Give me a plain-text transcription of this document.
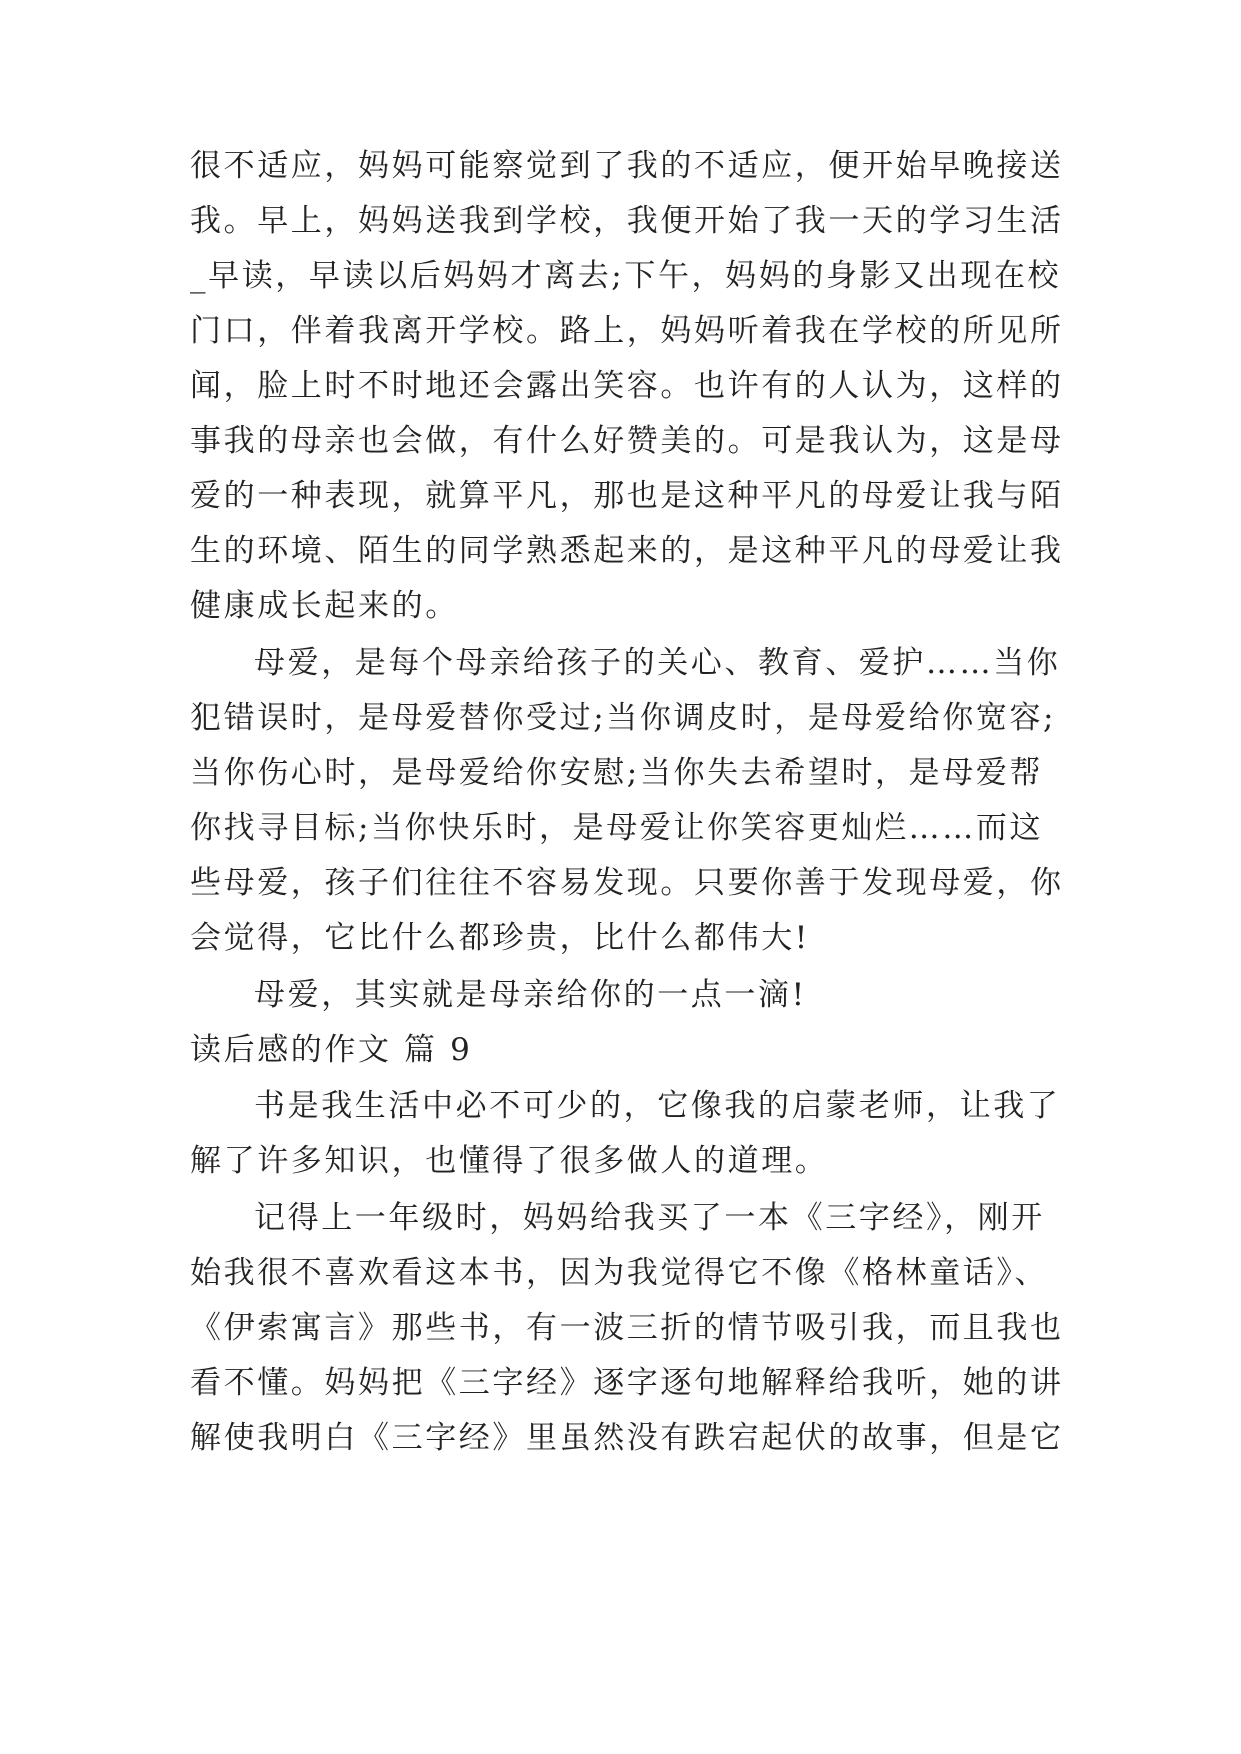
很不适应，妈妈可能察觉到了我的不适应，便开始早晚接送
我。早上，妈妈送我到学校，我便开始了我一天的学习生活
_早读，早读以后妈妈才离去;下午，妈妈的身影又出现在校
门口，伴着我离开学校。路上，妈妈听着我在学校的所见所
闻，脸上时不时地还会露出笑容。也许有的人认为，这样的
事我的母亲也会做，有什么好赞美的。可是我认为，这是母
爱的一种表现，就算平凡，那也是这种平凡的母爱让我与陌
生的环境、陌生的同学熟悉起来的，是这种平凡的母爱让我
健康成长起来的。
母爱，是每个母亲给孩子的关心、教育、爱护……当你
犯错误时，是母爱替你受过;当你调皮时，是母爱给你宽容;
当你伤心时，是母爱给你安慰;当你失去希望时，是母爱帮
你找寻目标;当你快乐时，是母爱让你笑容更灿烂……而这
些母爱，孩子们往往不容易发现。只要你善于发现母爱，你
会觉得，它比什么都珍贵，比什么都伟大!
母爱，其实就是母亲给你的一点一滴!
读后感的作文 篇 9
书是我生活中必不可少的，它像我的启蒙老师，让我了
解了许多知识，也懂得了很多做人的道理。
记得上一年级时，妈妈给我买了一本《三字经》，刚开
始我很不喜欢看这本书，因为我觉得它不像《格林童话》、
《伊索寓言》那些书，有一波三折的情节吸引我，而且我也
看不懂。妈妈把《三字经》逐字逐句地解释给我听，她的讲
解使我明白《三字经》里虽然没有跌宕起伏的故事，但是它
